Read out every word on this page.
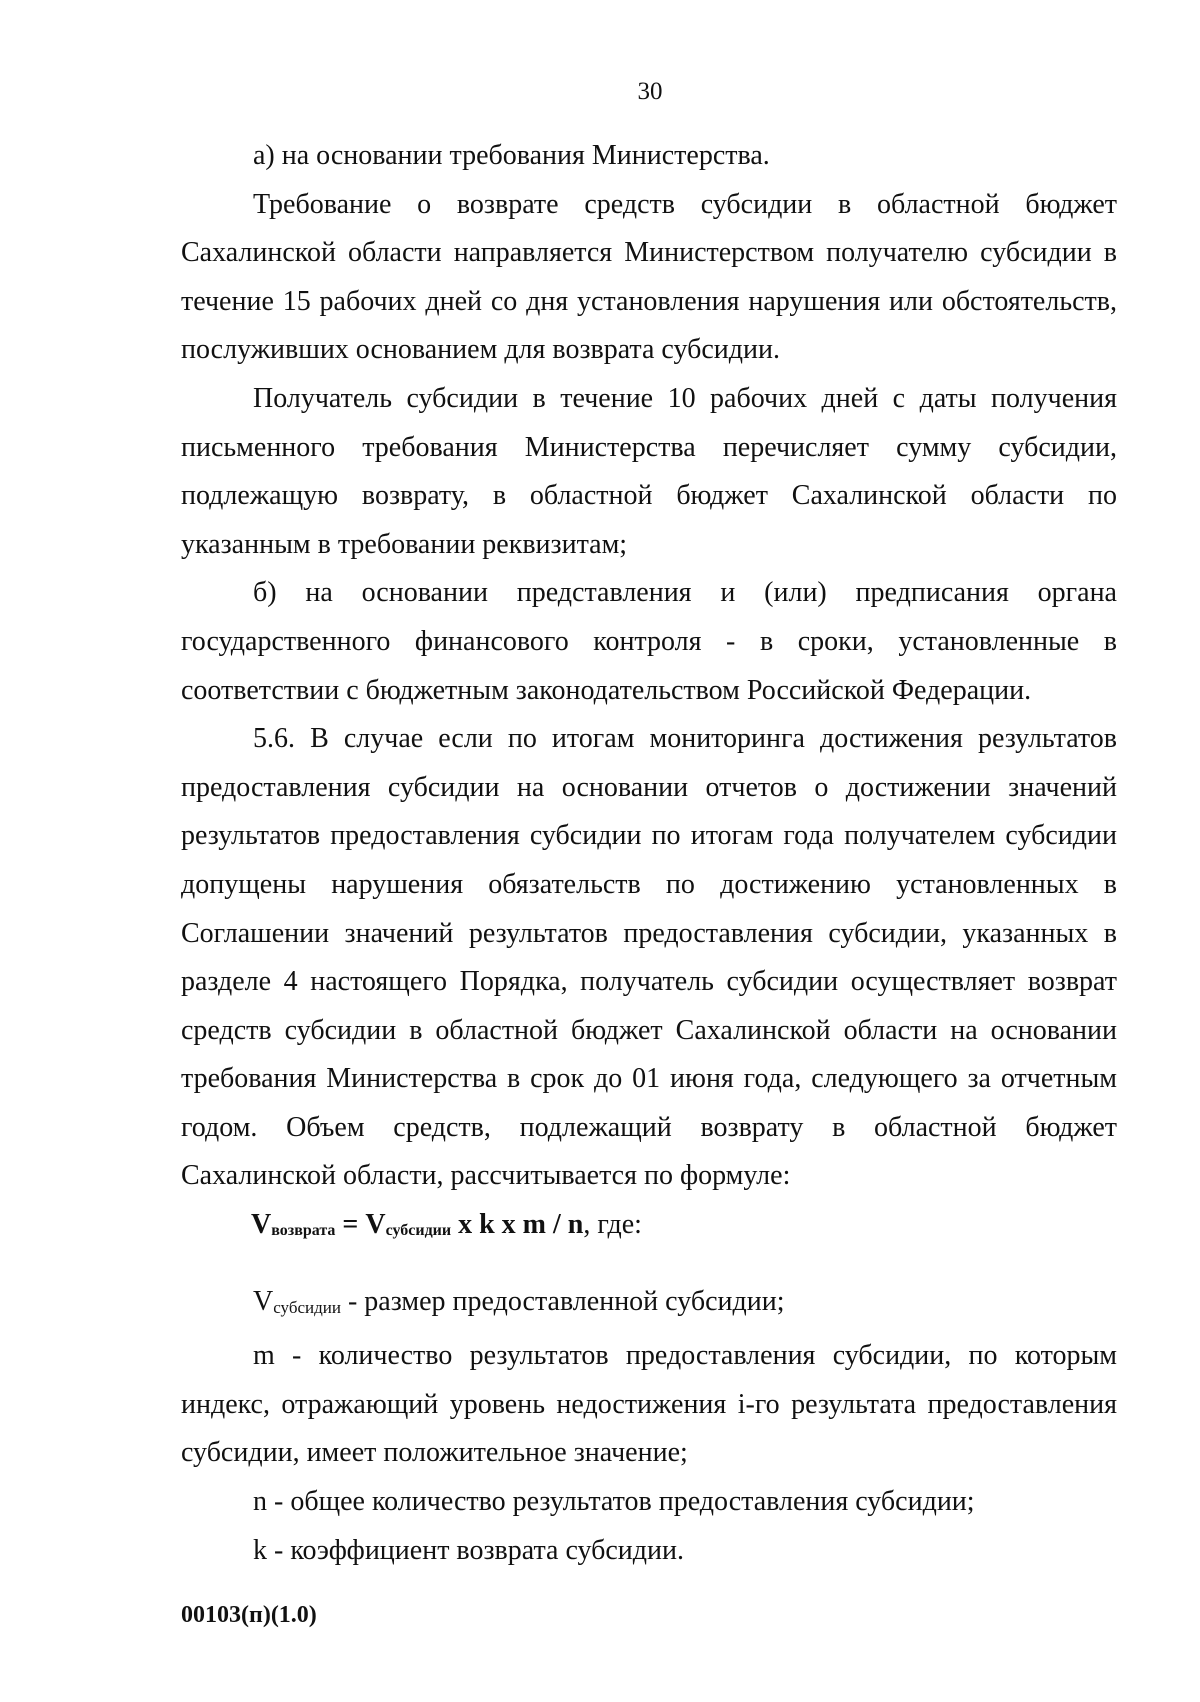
30

а) на основании требования Министерства.

Требование о возврате средств субсидии в областной бюджет Сахалинской области направляется Министерством получателю субсидии в течение 15 рабочих дней со дня установления нарушения или обстоятельств, послуживших основанием для возврата субсидии.

Получатель субсидии в течение 10 рабочих дней с даты получения письменного требования Министерства перечисляет сумму субсидии, подлежащую возврату, в областной бюджет Сахалинской области по указанным в требовании реквизитам;

б) на основании представления и (или) предписания органа государственного финансового контроля - в сроки, установленные в соответствии с бюджетным законодательством Российской Федерации.

5.6. В случае если по итогам мониторинга достижения результатов предоставления субсидии на основании отчетов о достижении значений результатов предоставления субсидии по итогам года получателем субсидии допущены нарушения обязательств по достижению установленных в Соглашении значений результатов предоставления субсидии, указанных в разделе 4 настоящего Порядка, получатель субсидии осуществляет возврат средств субсидии в областной бюджет Сахалинской области на основании требования Министерства в срок до 01 июня года, следующего за отчетным годом. Объем средств, подлежащий возврату в областной бюджет Сахалинской области, рассчитывается по формуле:

$V_{возврата} = V_{субсидии}$ x k x m / n, где:

$V_{субсидии}$ - размер предоставленной субсидии;

m - количество результатов предоставления субсидии, по которым индекс, отражающий уровень недостижения i-го результата предоставления субсидии, имеет положительное значение;

n - общее количество результатов предоставления субсидии;

k - коэффициент возврата субсидии.

00103(п)(1.0)
